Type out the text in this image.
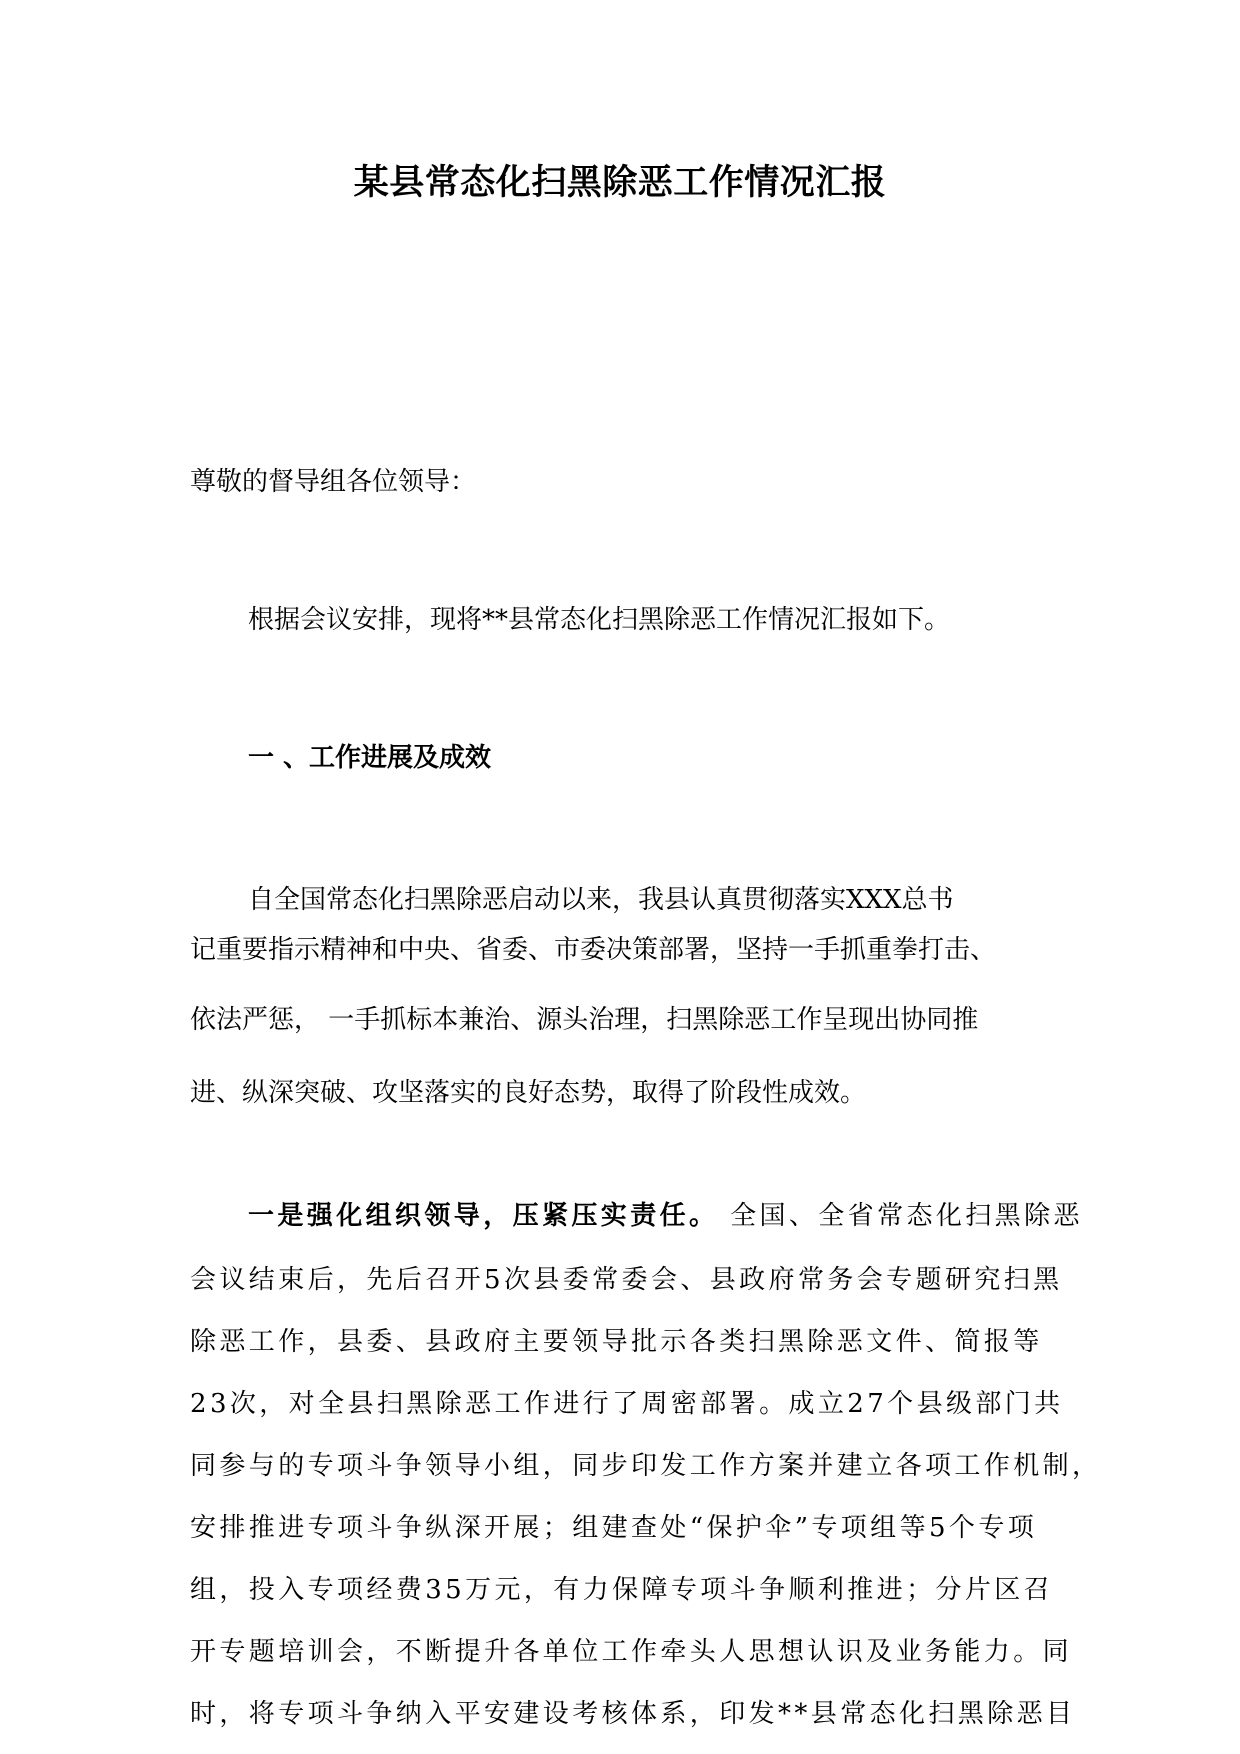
某县常态化扫黑除恶工作情况汇报

尊敬的督导组各位领导：

根据会议安排，现将**县常态化扫黑除恶工作情况汇报如下。

一 、工作进展及成效

自全国常态化扫黑除恶启动以来，我县认真贯彻落实XXX总书

记重要指示精神和中央、省委、市委决策部署，坚持一手抓重拳打击、

依法严惩， 一手抓标本兼治、源头治理，扫黑除恶工作呈现出协同推

进、纵深突破、攻坚落实的良好态势，取得了阶段性成效。

一是强化组织领导，压紧压实责任。 全国、全省常态化扫黑除恶

会议结束后，先后召开5次县委常委会、县政府常务会专题研究扫黑

除恶工作，县委、县政府主要领导批示各类扫黑除恶文件、简报等

23次，对全县扫黑除恶工作进行了周密部署。成立27个县级部门共

同参与的专项斗争领导小组，同步印发工作方案并建立各项工作机制，

安排推进专项斗争纵深开展；组建查处“保护伞”专项组等5个专项

组，投入专项经费35万元，有力保障专项斗争顺利推进；分片区召

开专题培训会，不断提升各单位工作牵头人思想认识及业务能力。同

时，将专项斗争纳入平安建设考核体系，印发**县常态化扫黑除恶目
